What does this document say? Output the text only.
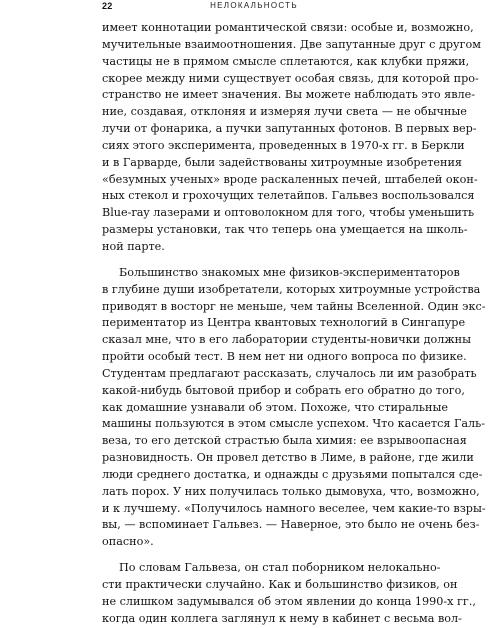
22	НЕЛОКАЛЬНОСТЬ
имеет коннотации романтической связи: особые и, возможно,
мучительные взаимоотношения. Две запутанные друг с другом
частицы не в прямом смысле сплетаются, как клубки пряжи,
скорее между ними существует особая связь, для которой про-
странство не имеет значения. Вы можете наблюдать это явле-
ние, создавая, отклоняя и измеряя лучи света — не обычные
лучи от фонарика, а пучки запутанных фотонов. В первых вер-
сиях этого эксперимента, проведенных в 1970-х гг. в Беркли
и в Гарварде, были задействованы хитроумные изобретения
«безумных ученых» вроде раскаленных печей, штабелей окон-
ных стекол и грохочущих телетайпов. Гальвез воспользовался
Blue-ray лазерами и оптоволокном для того, чтобы уменьшить
размеры установки, так что теперь она умещается на школь-
ной парте.
Большинство знакомых мне физиков-экспериментаторов
в глубине души изобретатели, которых хитроумные устройства
приводят в восторг не меньше, чем тайны Вселенной. Один экс-
периментатор из Центра квантовых технологий в Сингапуре
сказал мне, что в его лаборатории студенты-новички должны
пройти особый тест. В нем нет ни одного вопроса по физике.
Студентам предлагают рассказать, случалось ли им разобрать
какой-нибудь бытовой прибор и собрать его обратно до того,
как домашние узнавали об этом. Похоже, что стиральные
машины пользуются в этом смысле успехом. Что касается Галь-
веза, то его детской страстью была химия: ее взрывоопасная
разновидность. Он провел детство в Лиме, в районе, где жили
люди среднего достатка, и однажды с друзьями попытался сде-
лать порох. У них получилась только дымовуха, что, возможно,
и к лучшему. «Получилось намного веселее, чем какие-то взры-
вы, — вспоминает Гальвез. — Наверное, это было не очень без-
опасно».
По словам Гальвеза, он стал поборником нелокально-
сти практически случайно. Как и большинство физиков, он
не слишком задумывался об этом явлении до конца 1990-х гг.,
когда один коллега заглянул к нему в кабинет с весьма вол-
